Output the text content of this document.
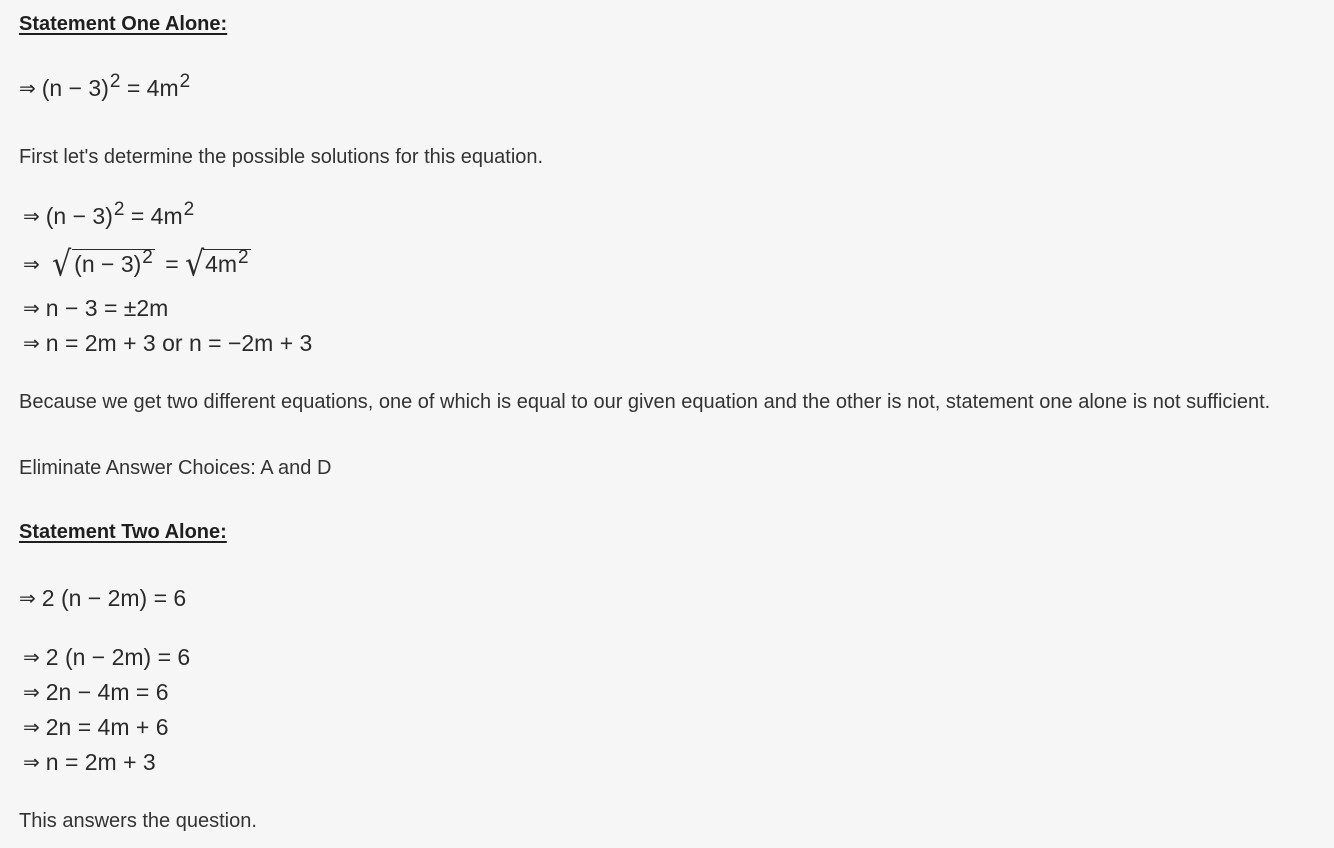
Statement One Alone:
⇒ $(n - 3)^2 = 4m^2$
First let's determine the possible solutions for this equation.
⇒ $(n - 3)^2 = 4m^2$
⇒ √ $(n - 3)^2$ = √ $4m^2$
⇒ n − 3 = ±2m
⇒ n = 2m + 3 or n = −2m + 3
Because we get two different equations, one of which is equal to our given equation and the other is not, statement one alone is not sufficient.
Eliminate Answer Choices: A and D
Statement Two Alone:
⇒ 2 (n − 2m) = 6
⇒ 2 (n − 2m) = 6
⇒ 2n − 4m = 6
⇒ 2n = 4m + 6
⇒ n = 2m + 3
This answers the question.
